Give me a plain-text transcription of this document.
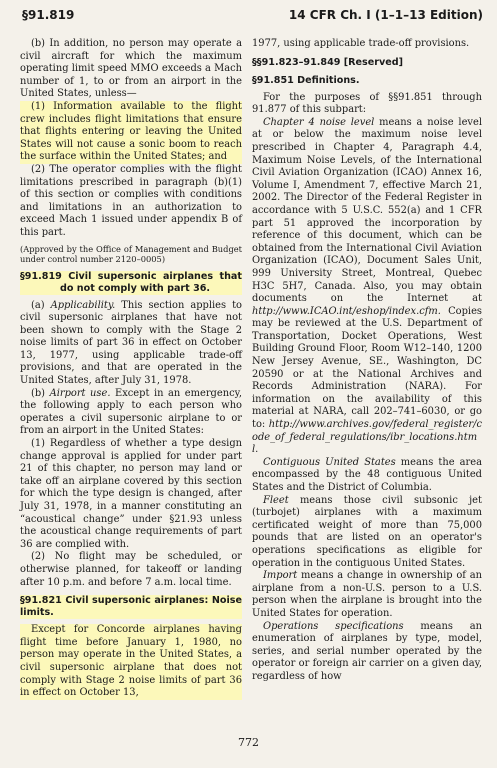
§91.819	14 CFR Ch. I (1–1–13 Edition)

(b) In addition, no person may operate a civil aircraft for which the maximum operating limit speed MMO exceeds a Mach number of 1, to or from an airport in the United States, unless—

(1) Information available to the flight crew includes flight limitations that ensure that flights entering or leaving the United States will not cause a sonic boom to reach the surface within the United States; and

(2) The operator complies with the flight limitations prescribed in paragraph (b)(1) of this section or complies with conditions and limitations in an authorization to exceed Mach 1 issued under appendix B of this part.

(Approved by the Office of Management and Budget under control number 2120–0005)

§91.819 Civil supersonic airplanes that do not comply with part 36.

(a) Applicability. This section applies to civil supersonic airplanes that have not been shown to comply with the Stage 2 noise limits of part 36 in effect on October 13, 1977, using applicable trade-off provisions, and that are operated in the United States, after July 31, 1978.

(b) Airport use. Except in an emergency, the following apply to each person who operates a civil supersonic airplane to or from an airport in the United States:

(1) Regardless of whether a type design change approval is applied for under part 21 of this chapter, no person may land or take off an airplane covered by this section for which the type design is changed, after July 31, 1978, in a manner constituting an “acoustical change” under §21.93 unless the acoustical change requirements of part 36 are complied with.

(2) No flight may be scheduled, or otherwise planned, for takeoff or landing after 10 p.m. and before 7 a.m. local time.

§91.821 Civil supersonic airplanes: Noise limits.

Except for Concorde airplanes having flight time before January 1, 1980, no person may operate in the United States, a civil supersonic airplane that does not comply with Stage 2 noise limits of part 36 in effect on October 13,

1977, using applicable trade-off provisions.

§§91.823–91.849 [Reserved]
§91.851 Definitions.

For the purposes of §§91.851 through 91.877 of this subpart:

Chapter 4 noise level means a noise level at or below the maximum noise level prescribed in Chapter 4, Paragraph 4.4, Maximum Noise Levels, of the International Civil Aviation Organization (ICAO) Annex 16, Volume I, Amendment 7, effective March 21, 2002. The Director of the Federal Register in accordance with 5 U.S.C. 552(a) and 1 CFR part 51 approved the incorporation by reference of this document, which can be obtained from the International Civil Aviation Organization (ICAO), Document Sales Unit, 999 University Street, Montreal, Quebec H3C 5H7, Canada. Also, you may obtain documents on the Internet at http://www.ICAO.int/eshop/index.cfm. Copies may be reviewed at the U.S. Department of Transportation, Docket Operations, West Building Ground Floor, Room W12–140, 1200 New Jersey Avenue, SE., Washington, DC 20590 or at the National Archives and Records Administration (NARA). For information on the availability of this material at NARA, call 202–741–6030, or go to: http://www.archives.gov/federal_register/code_of_federal_regulations/ibr_locations.html.

Contiguous United States means the area encompassed by the 48 contiguous United States and the District of Columbia.

Fleet means those civil subsonic jet (turbojet) airplanes with a maximum certificated weight of more than 75,000 pounds that are listed on an operator's operations specifications as eligible for operation in the contiguous United States.

Import means a change in ownership of an airplane from a non-U.S. person to a U.S. person when the airplane is brought into the United States for operation.

Operations specifications means an enumeration of airplanes by type, model, series, and serial number operated by the operator or foreign air carrier on a given day, regardless of how

772
